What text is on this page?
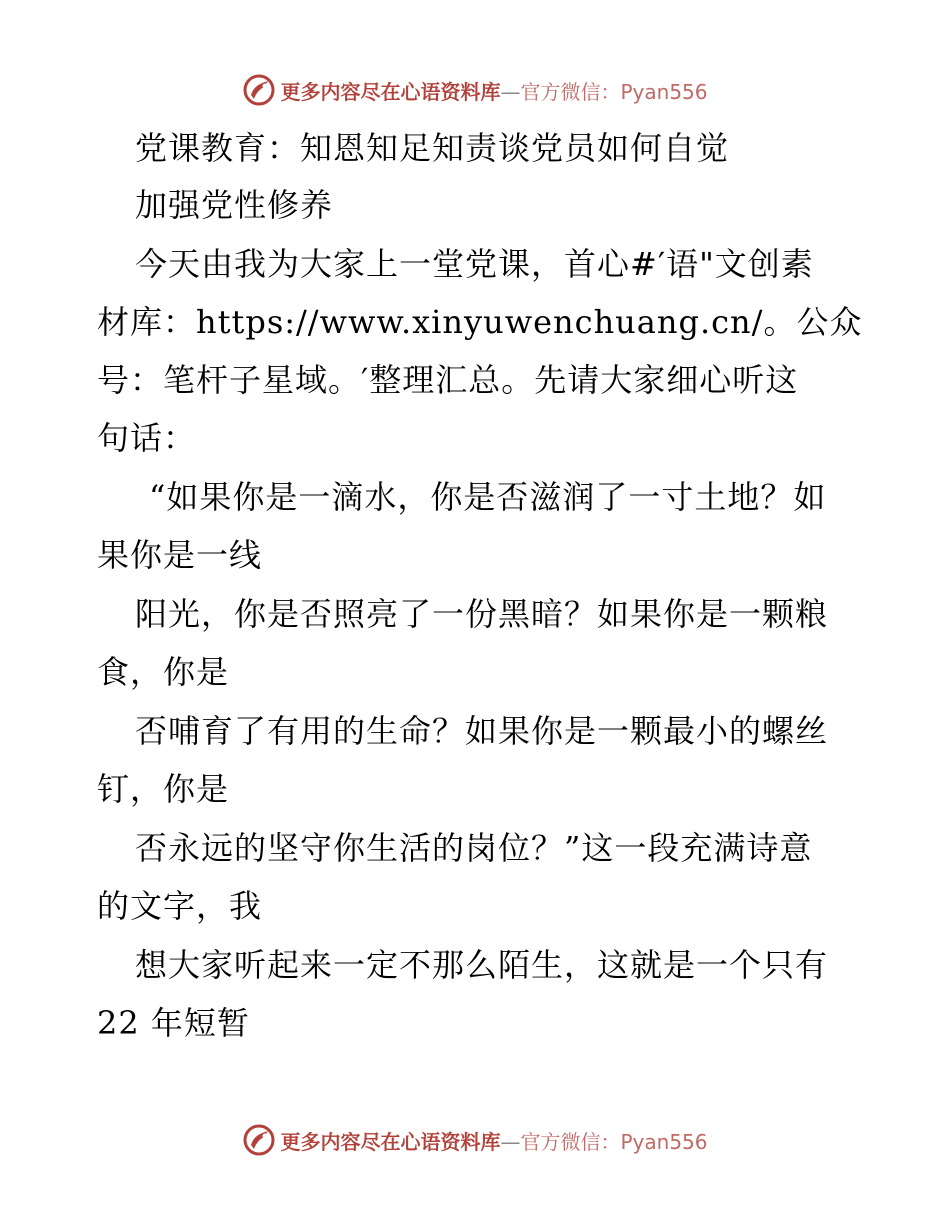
更多内容尽在心语资料库—官方微信：Pyan556
党课教育：知恩知足知责谈党员如何自觉
加强党性修养
今天由我为大家上一堂党课，首心#′语"文创素
材库：https://www.xinyuwenchuang.cn/。公众
号：笔杆子星域。′整理汇总。先请大家细心听这
句话：
“如果你是一滴水，你是否滋润了一寸土地？如
果你是一线
阳光，你是否照亮了一份黑暗？如果你是一颗粮
食，你是
否哺育了有用的生命？如果你是一颗最小的螺丝
钉，你是
否永远的坚守你生活的岗位？”这一段充满诗意
的文字，我
想大家听起来一定不那么陌生，这就是一个只有
22 年短暂
更多内容尽在心语资料库—官方微信：Pyan556
